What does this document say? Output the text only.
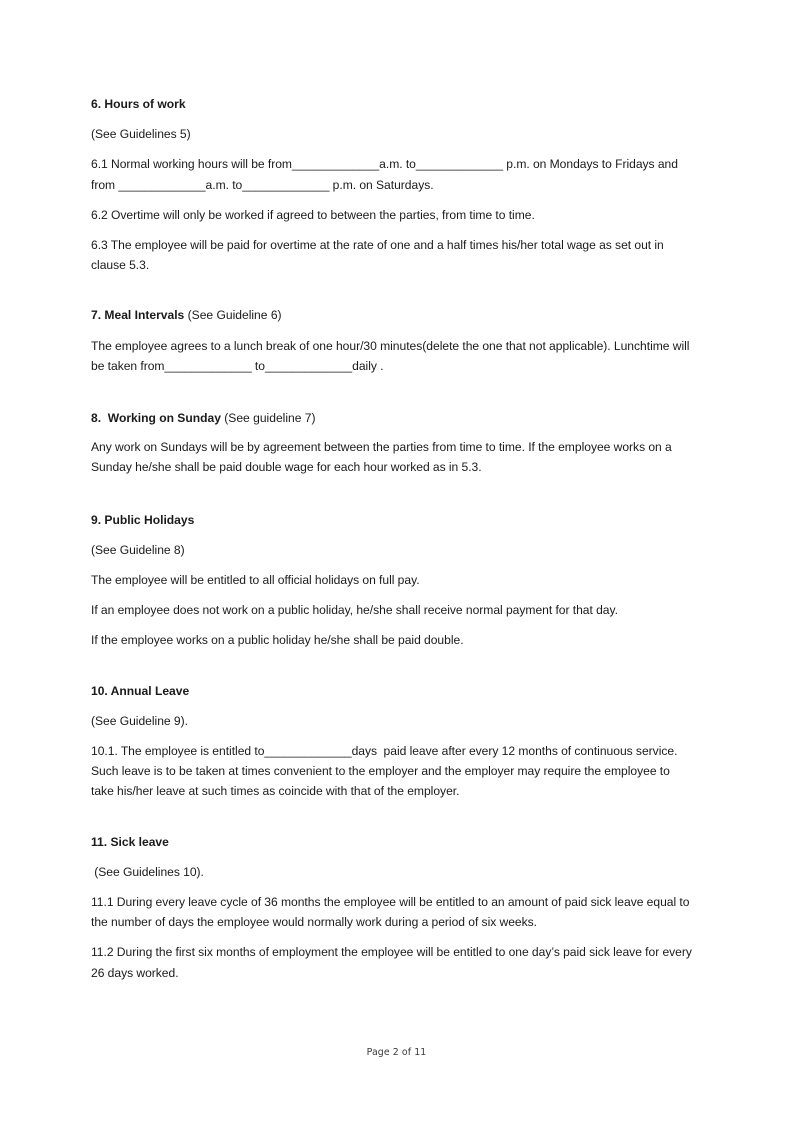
6. Hours of work

(See Guidelines 5)

6.1 Normal working hours will be from_____________a.m. to_____________ p.m. on Mondays to Fridays and from _____________a.m. to_____________ p.m. on Saturdays.

6.2 Overtime will only be worked if agreed to between the parties, from time to time.

6.3 The employee will be paid for overtime at the rate of one and a half times his/her total wage as set out in clause 5.3.

7. Meal Intervals (See Guideline 6)

The employee agrees to a lunch break of one hour/30 minutes(delete the one that not applicable). Lunchtime will be taken from_____________ to_____________daily .

8.  Working on Sunday (See guideline 7)

Any work on Sundays will be by agreement between the parties from time to time. If the employee works on a Sunday he/she shall be paid double wage for each hour worked as in 5.3.

9. Public Holidays

(See Guideline 8)

The employee will be entitled to all official holidays on full pay.

If an employee does not work on a public holiday, he/she shall receive normal payment for that day.

If the employee works on a public holiday he/she shall be paid double.

10. Annual Leave

(See Guideline 9).

10.1. The employee is entitled to_____________days  paid leave after every 12 months of continuous service. Such leave is to be taken at times convenient to the employer and the employer may require the employee to take his/her leave at such times as coincide with that of the employer.

11. Sick leave

(See Guidelines 10).

11.1 During every leave cycle of 36 months the employee will be entitled to an amount of paid sick leave equal to the number of days the employee would normally work during a period of six weeks.

11.2 During the first six months of employment the employee will be entitled to one day’s paid sick leave for every 26 days worked.

Page 2 of 11
